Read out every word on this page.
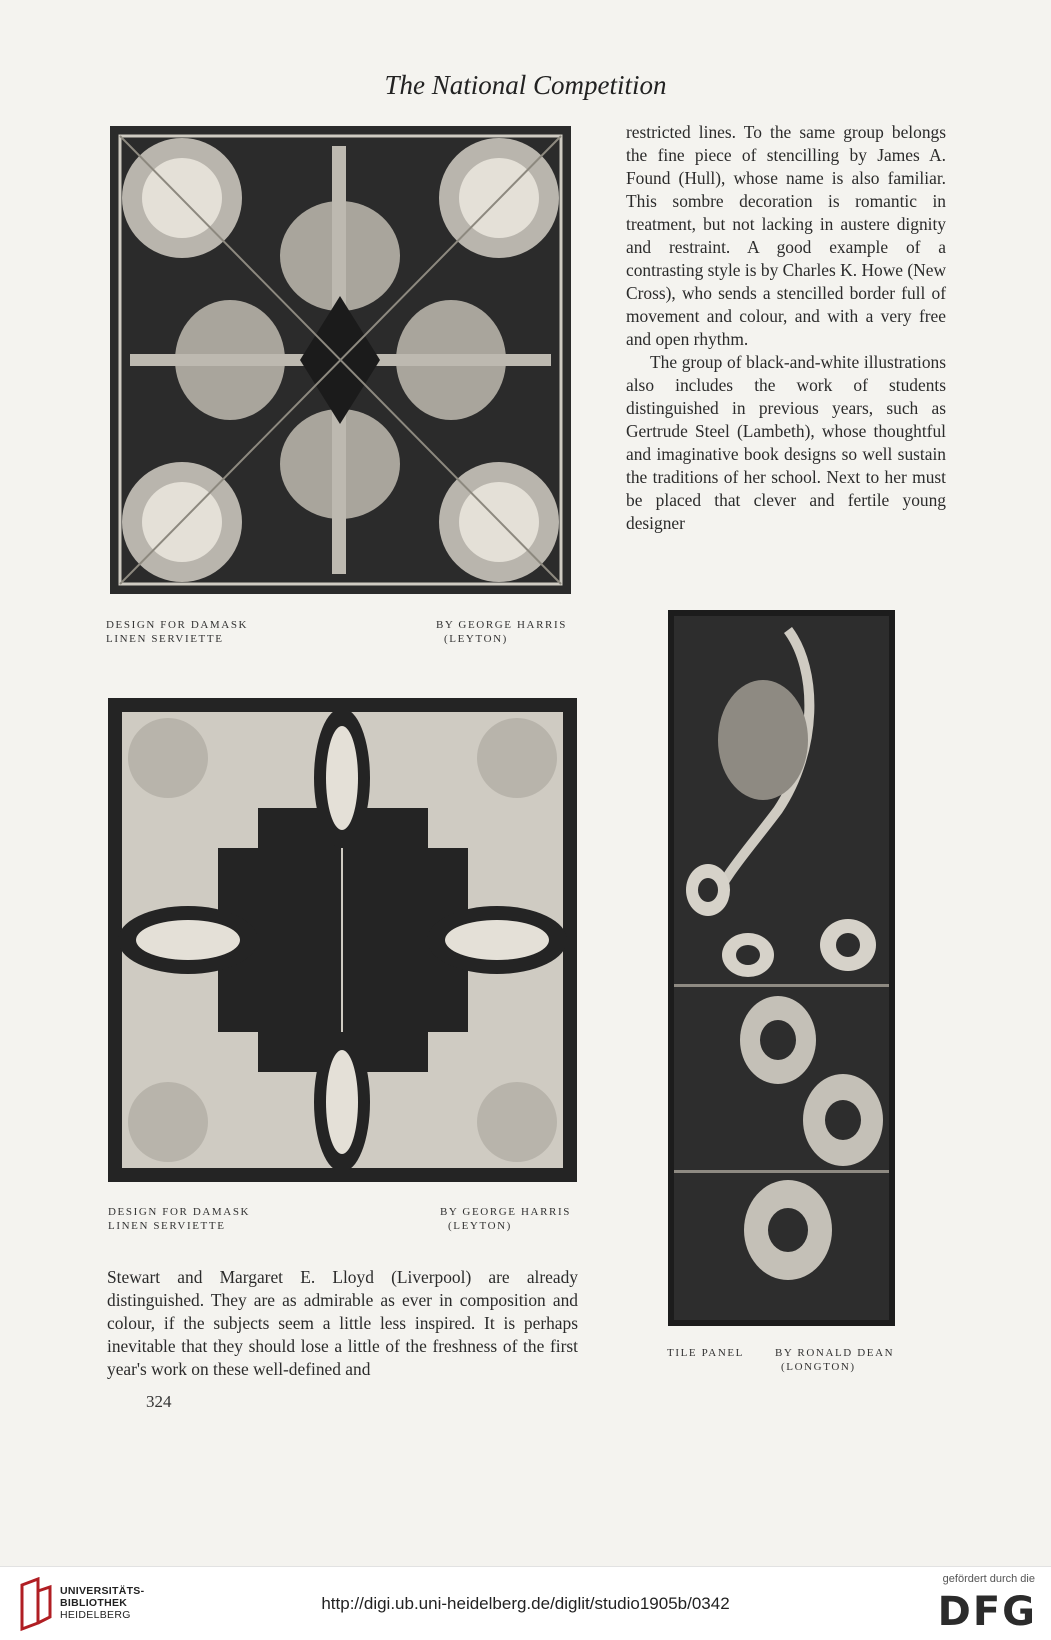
The National Competition
DESIGN FOR DAMASK
LINEN SERVIETTE
BY GEORGE HARRIS
(LEYTON)
DESIGN FOR DAMASK
LINEN SERVIETTE
BY GEORGE HARRIS
(LEYTON)
TILE PANEL	BY RONALD DEAN
(LONGTON)

restricted lines. To the same group belongs the fine piece of stencilling by James A. Found (Hull), whose name is also familiar. This sombre decoration is romantic in treatment, but not lacking in austere dignity and restraint. A good example of a contrasting style is by Charles K. Howe (New Cross), who sends a stencilled border full of movement and colour, and with a very free and open rhythm.

The group of black-and-white illustrations also includes the work of students distinguished in previous years, such as Gertrude Steel (Lambeth), whose thoughtful and imaginative book designs so well sustain the traditions of her school. Next to her must be placed that clever and fertile young designer

Stewart and Margaret E. Lloyd (Liverpool) are already distinguished. They are as admirable as ever in composition and colour, if the subjects seem a little less inspired. It is perhaps inevitable that they should lose a little of the freshness of the first year's work on these well-defined and

324
UNIVERSITÄTS-
BIBLIOTHEK
HEIDELBERG
http://digi.ub.uni-heidelberg.de/diglit/studio1905b/0342
gefördert durch die
DFG
